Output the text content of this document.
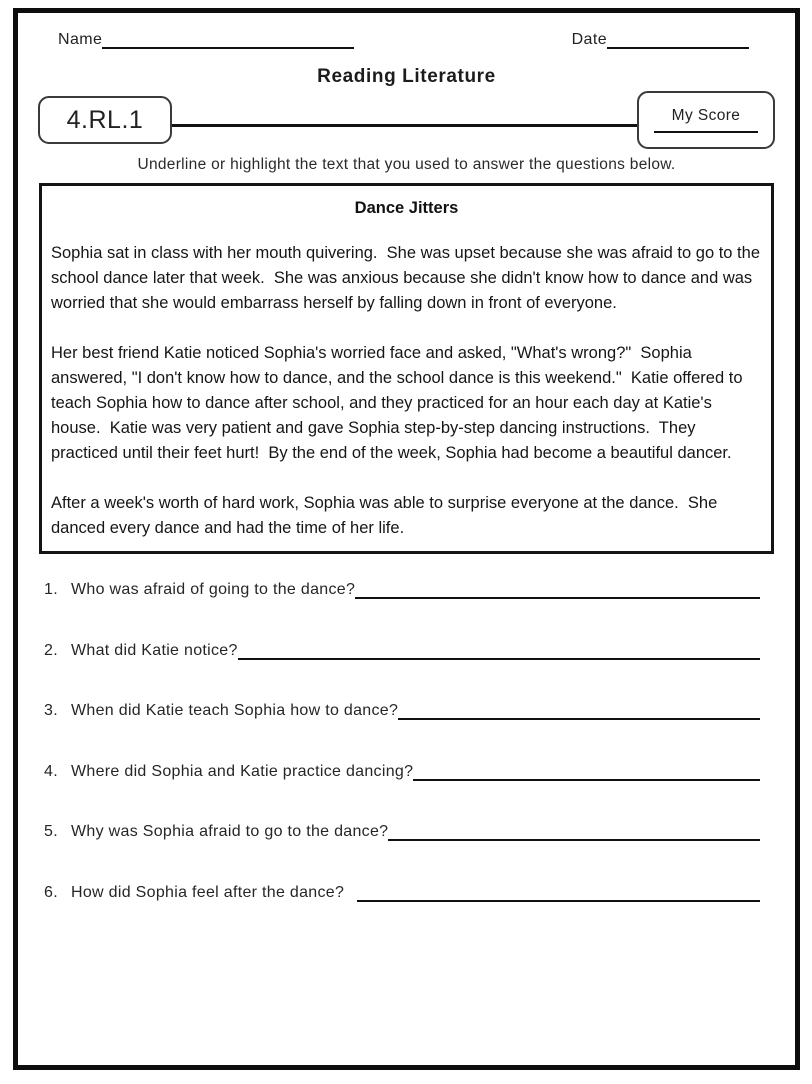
Name	Date
Reading Literature
4.RL.1	My Score
Underline or highlight the text that you used to answer the questions below.
Dance Jitters

Sophia sat in class with her mouth quivering.  She was upset because she was afraid to go to the school dance later that week.  She was anxious because she didn't know how to dance and was worried that she would embarrass herself by falling down in front of everyone.

Her best friend Katie noticed Sophia's worried face and asked, "What's wrong?"  Sophia answered, "I don't know how to dance, and the school dance is this weekend."  Katie offered to teach Sophia how to dance after school, and they practiced for an hour each day at Katie's house.  Katie was very patient and gave Sophia step-by-step dancing instructions.  They practiced until their feet hurt!  By the end of the week, Sophia had become a beautiful dancer.

After a week's worth of hard work, Sophia was able to surprise everyone at the dance.  She danced every dance and had the time of her life.

1. Who was afraid of going to the dance?
2. What did Katie notice?
3. When did Katie teach Sophia how to dance?
4. Where did Sophia and Katie practice dancing?
5. Why was Sophia afraid to go to the dance?
6. How did Sophia feel after the dance?
